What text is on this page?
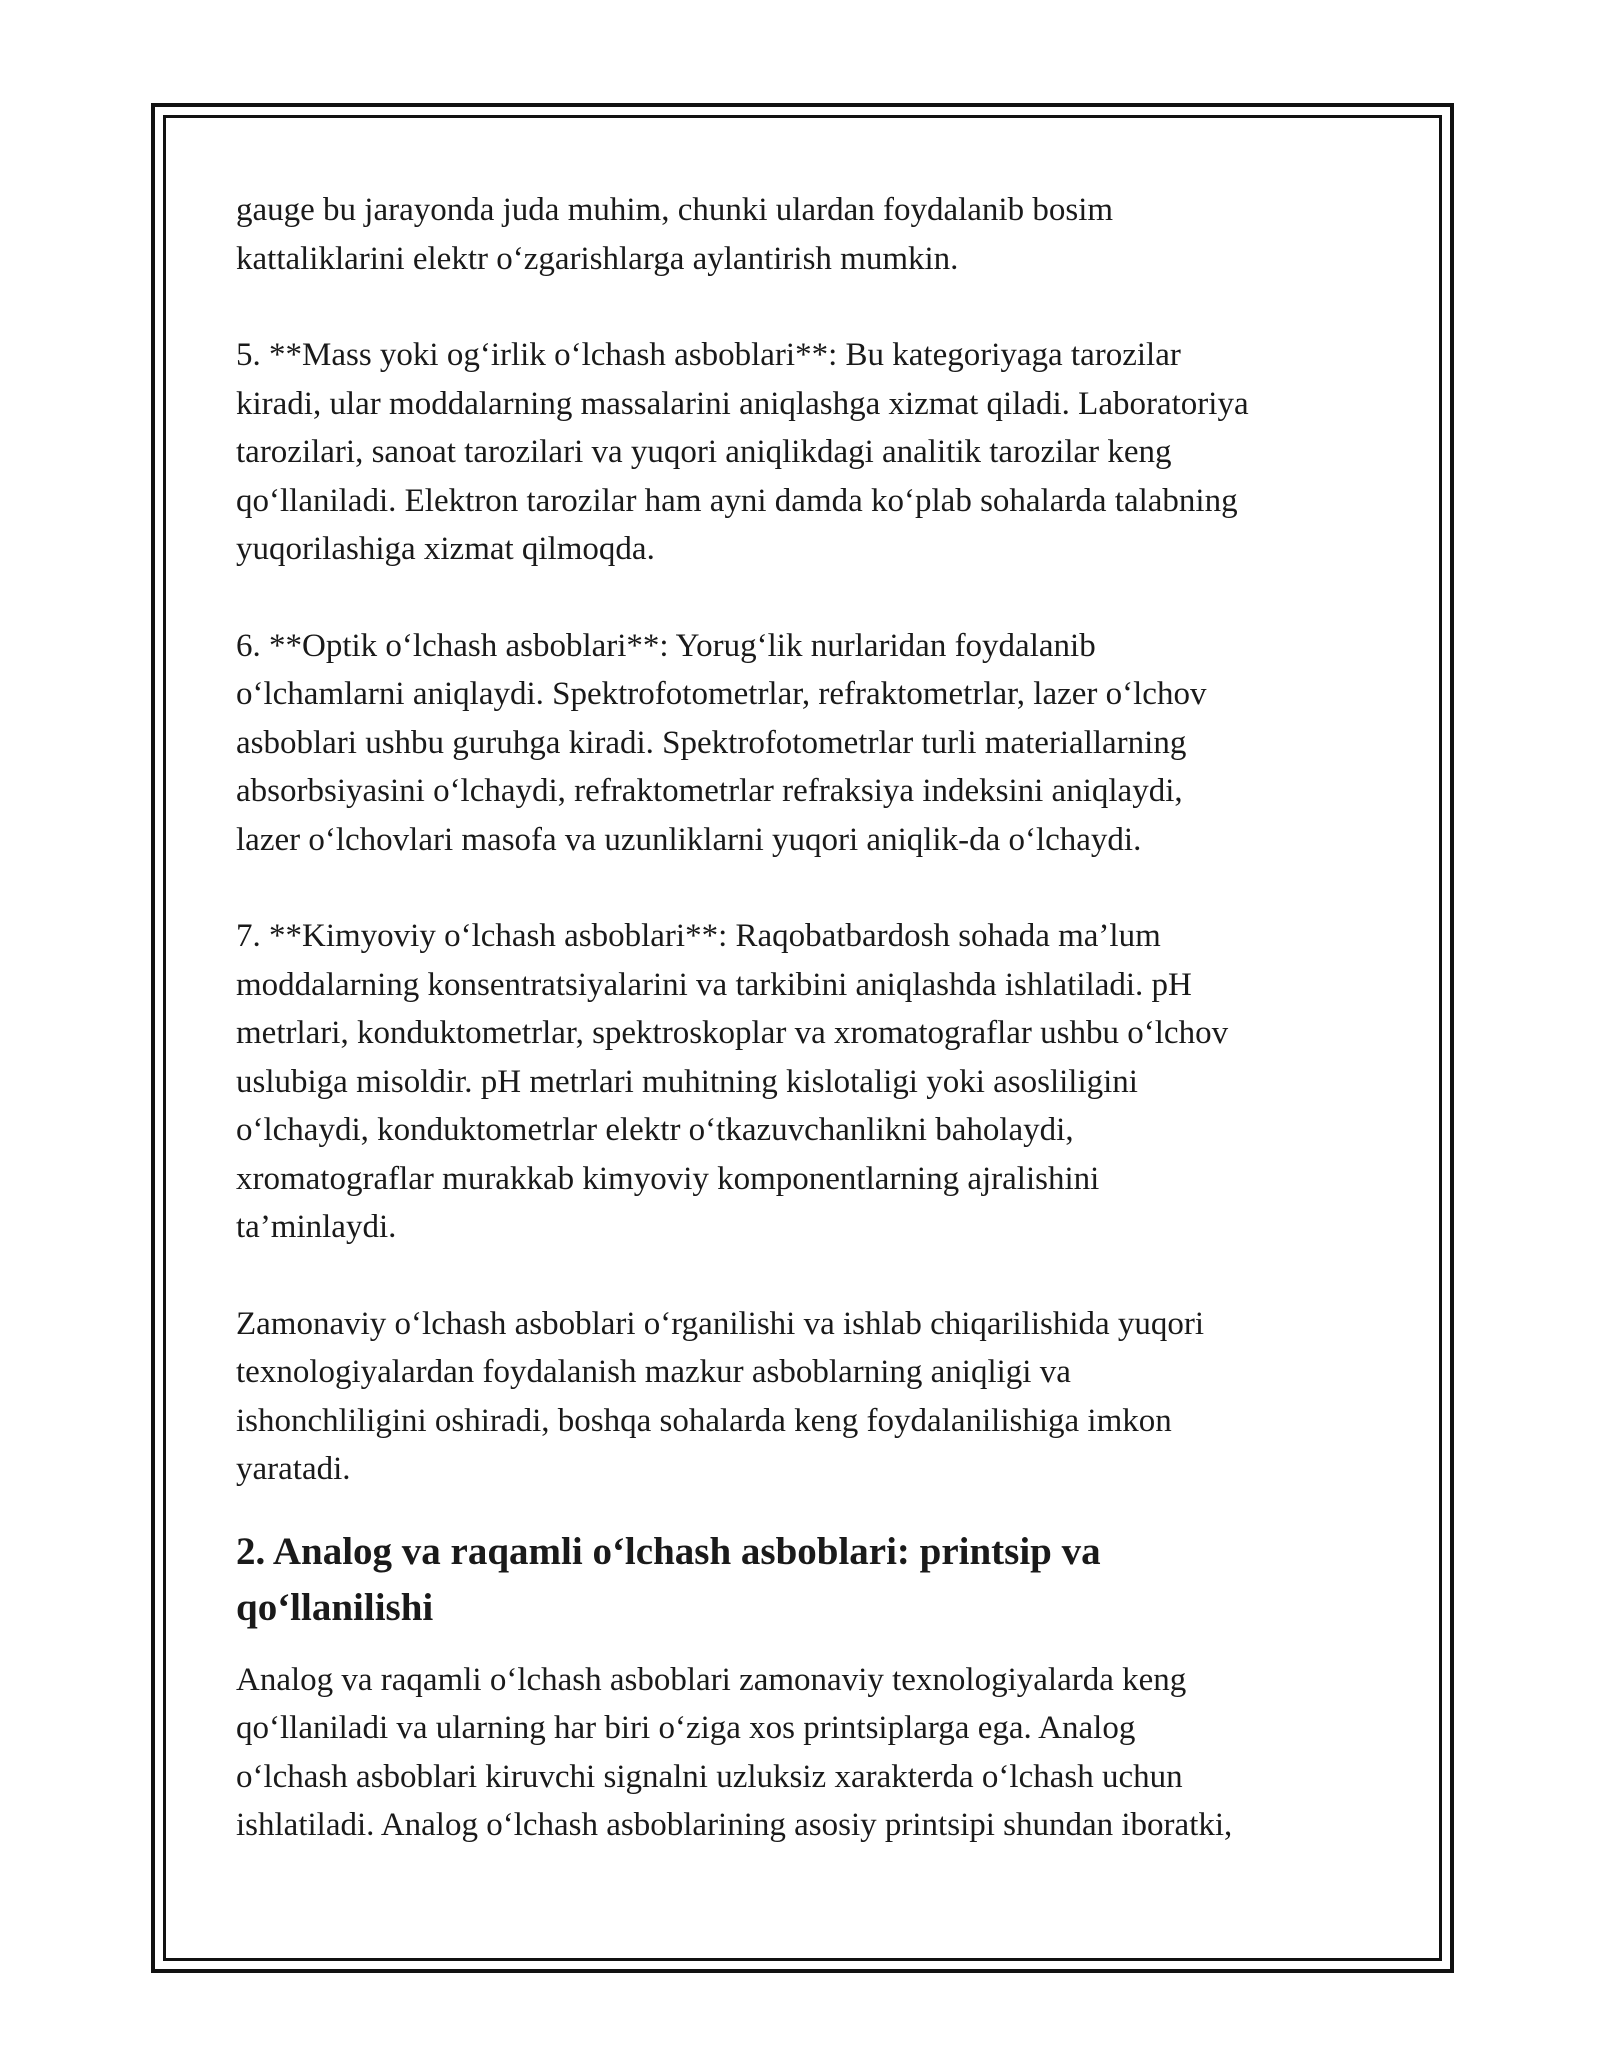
gauge bu jarayonda juda muhim, chunki ulardan foydalanib bosim
kattaliklarini elektr o‘zgarishlarga aylantirish mumkin.

5. **Mass yoki og‘irlik o‘lchash asboblari**: Bu kategoriyaga tarozilar
kiradi, ular moddalarning massalarini aniqlashga xizmat qiladi. Laboratoriya
tarozilari, sanoat tarozilari va yuqori aniqlikdagi analitik tarozilar keng
qo‘llaniladi. Elektron tarozilar ham ayni damda ko‘plab sohalarda talabning
yuqorilashiga xizmat qilmoqda.

6. **Optik o‘lchash asboblari**: Yorug‘lik nurlaridan foydalanib
o‘lchamlarni aniqlaydi. Spektrofotometrlar, refraktometrlar, lazer o‘lchov
asboblari ushbu guruhga kiradi. Spektrofotometrlar turli materiallarning
absorbsiyasini o‘lchaydi, refraktometrlar refraksiya indeksini aniqlaydi,
lazer o‘lchovlari masofa va uzunliklarni yuqori aniqlik-da o‘lchaydi.

7. **Kimyoviy o‘lchash asboblari**: Raqobatbardosh sohada ma’lum
moddalarning konsentratsiyalarini va tarkibini aniqlashda ishlatiladi. pH
metrlari, konduktometrlar, spektroskoplar va xromatograflar ushbu o‘lchov
uslubiga misoldir. pH metrlari muhitning kislotaligi yoki asosliligini
o‘lchaydi, konduktometrlar elektr o‘tkazuvchanlikni baholaydi,
xromatograflar murakkab kimyoviy komponentlarning ajralishini
ta’minlaydi.

Zamonaviy o‘lchash asboblari o‘rganilishi va ishlab chiqarilishida yuqori
texnologiyalardan foydalanish mazkur asboblarning aniqligi va
ishonchliligini oshiradi, boshqa sohalarda keng foydalanilishiga imkon
yaratadi.

2. Analog va raqamli o‘lchash asboblari: printsip va
qo‘llanilishi

Analog va raqamli o‘lchash asboblari zamonaviy texnologiyalarda keng
qo‘llaniladi va ularning har biri o‘ziga xos printsiplarga ega. Analog
o‘lchash asboblari kiruvchi signalni uzluksiz xarakterda o‘lchash uchun
ishlatiladi. Analog o‘lchash asboblarining asosiy printsipi shundan iboratki,
